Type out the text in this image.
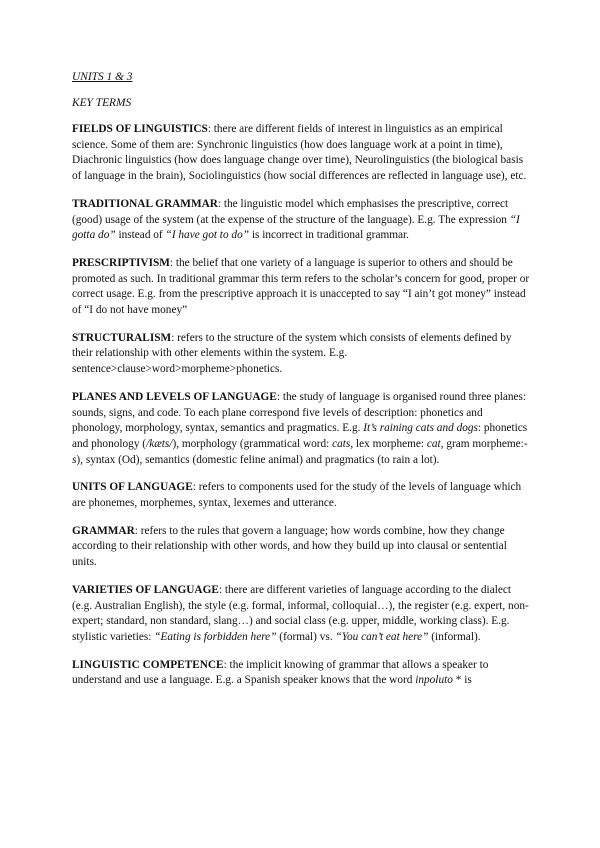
UNITS 1 & 3

KEY TERMS

FIELDS OF LINGUISTICS: there are different fields of interest in linguistics as an empirical science. Some of them are: Synchronic linguistics (how does language work at a point in time), Diachronic linguistics (how does language change over time), Neurolinguistics (the biological basis of language in the brain), Sociolinguistics (how social differences are reflected in language use), etc.

TRADITIONAL GRAMMAR: the linguistic model which emphasises the prescriptive, correct (good) usage of the system (at the expense of the structure of the language). E.g. The expression “I gotta do” instead of “I have got to do” is incorrect in traditional grammar.

PRESCRIPTIVISM: the belief that one variety of a language is superior to others and should be promoted as such. In traditional grammar this term refers to the scholar’s concern for good, proper or correct usage. E.g. from the prescriptive approach it is unaccepted to say “I ain’t got money” instead of “I do not have money”

STRUCTURALISM: refers to the structure of the system which consists of elements defined by their relationship with other elements within the system. E.g. sentence>clause>word>morpheme>phonetics.

PLANES AND LEVELS OF LANGUAGE: the study of language is organised round three planes: sounds, signs, and code. To each plane correspond five levels of description: phonetics and phonology, morphology, syntax, semantics and pragmatics. E.g. It’s raining cats and dogs: phonetics and phonology (/kæts/), morphology (grammatical word: cats, lex morpheme: cat, gram morpheme:-s), syntax (Od), semantics (domestic feline animal) and pragmatics (to rain a lot).

UNITS OF LANGUAGE: refers to components used for the study of the levels of language which are phonemes, morphemes, syntax, lexemes and utterance.

GRAMMAR: refers to the rules that govern a language; how words combine, how they change according to their relationship with other words, and how they build up into clausal or sentential units.

VARIETIES OF LANGUAGE: there are different varieties of language according to the dialect (e.g. Australian English), the style (e.g. formal, informal, colloquial…), the register (e.g. expert, non-expert; standard, non standard, slang…) and social class (e.g. upper, middle, working class). E.g. stylistic varieties: “Eating is forbidden here” (formal) vs. “You can’t eat here” (informal).

LINGUISTIC COMPETENCE: the implicit knowing of grammar that allows a speaker to understand and use a language. E.g. a Spanish speaker knows that the word inpoluto * is
